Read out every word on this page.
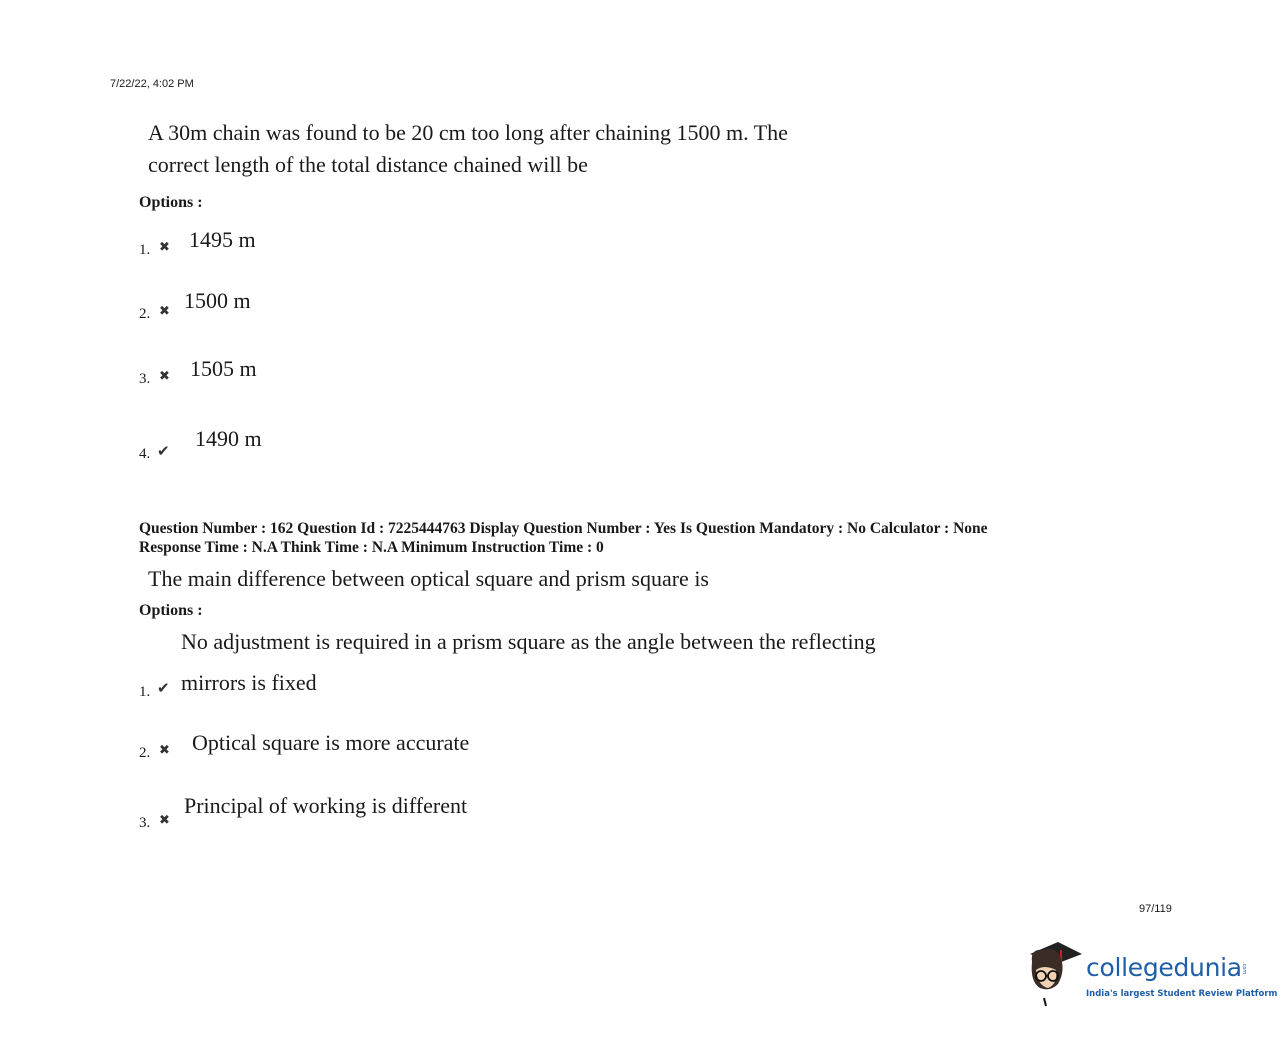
7/22/22, 4:02 PM
A 30m chain was found to be 20 cm too long after chaining 1500 m. The
correct length of the total distance chained will be
Options :
1. ✖ 1495 m
2. ✖ 1500 m
3. ✖ 1505 m
4. ✔ 1490 m
Question Number : 162 Question Id : 7225444763 Display Question Number : Yes Is Question Mandatory : No Calculator : None
Response Time : N.A Think Time : N.A Minimum Instruction Time : 0
The main difference between optical square and prism square is
Options :
No adjustment is required in a prism square as the angle between the reflecting
1. ✔ mirrors is fixed
2. ✖ Optical square is more accurate
3. ✖
Principal of working is different
97/119
collegedunia .com
India's largest Student Review Platform
